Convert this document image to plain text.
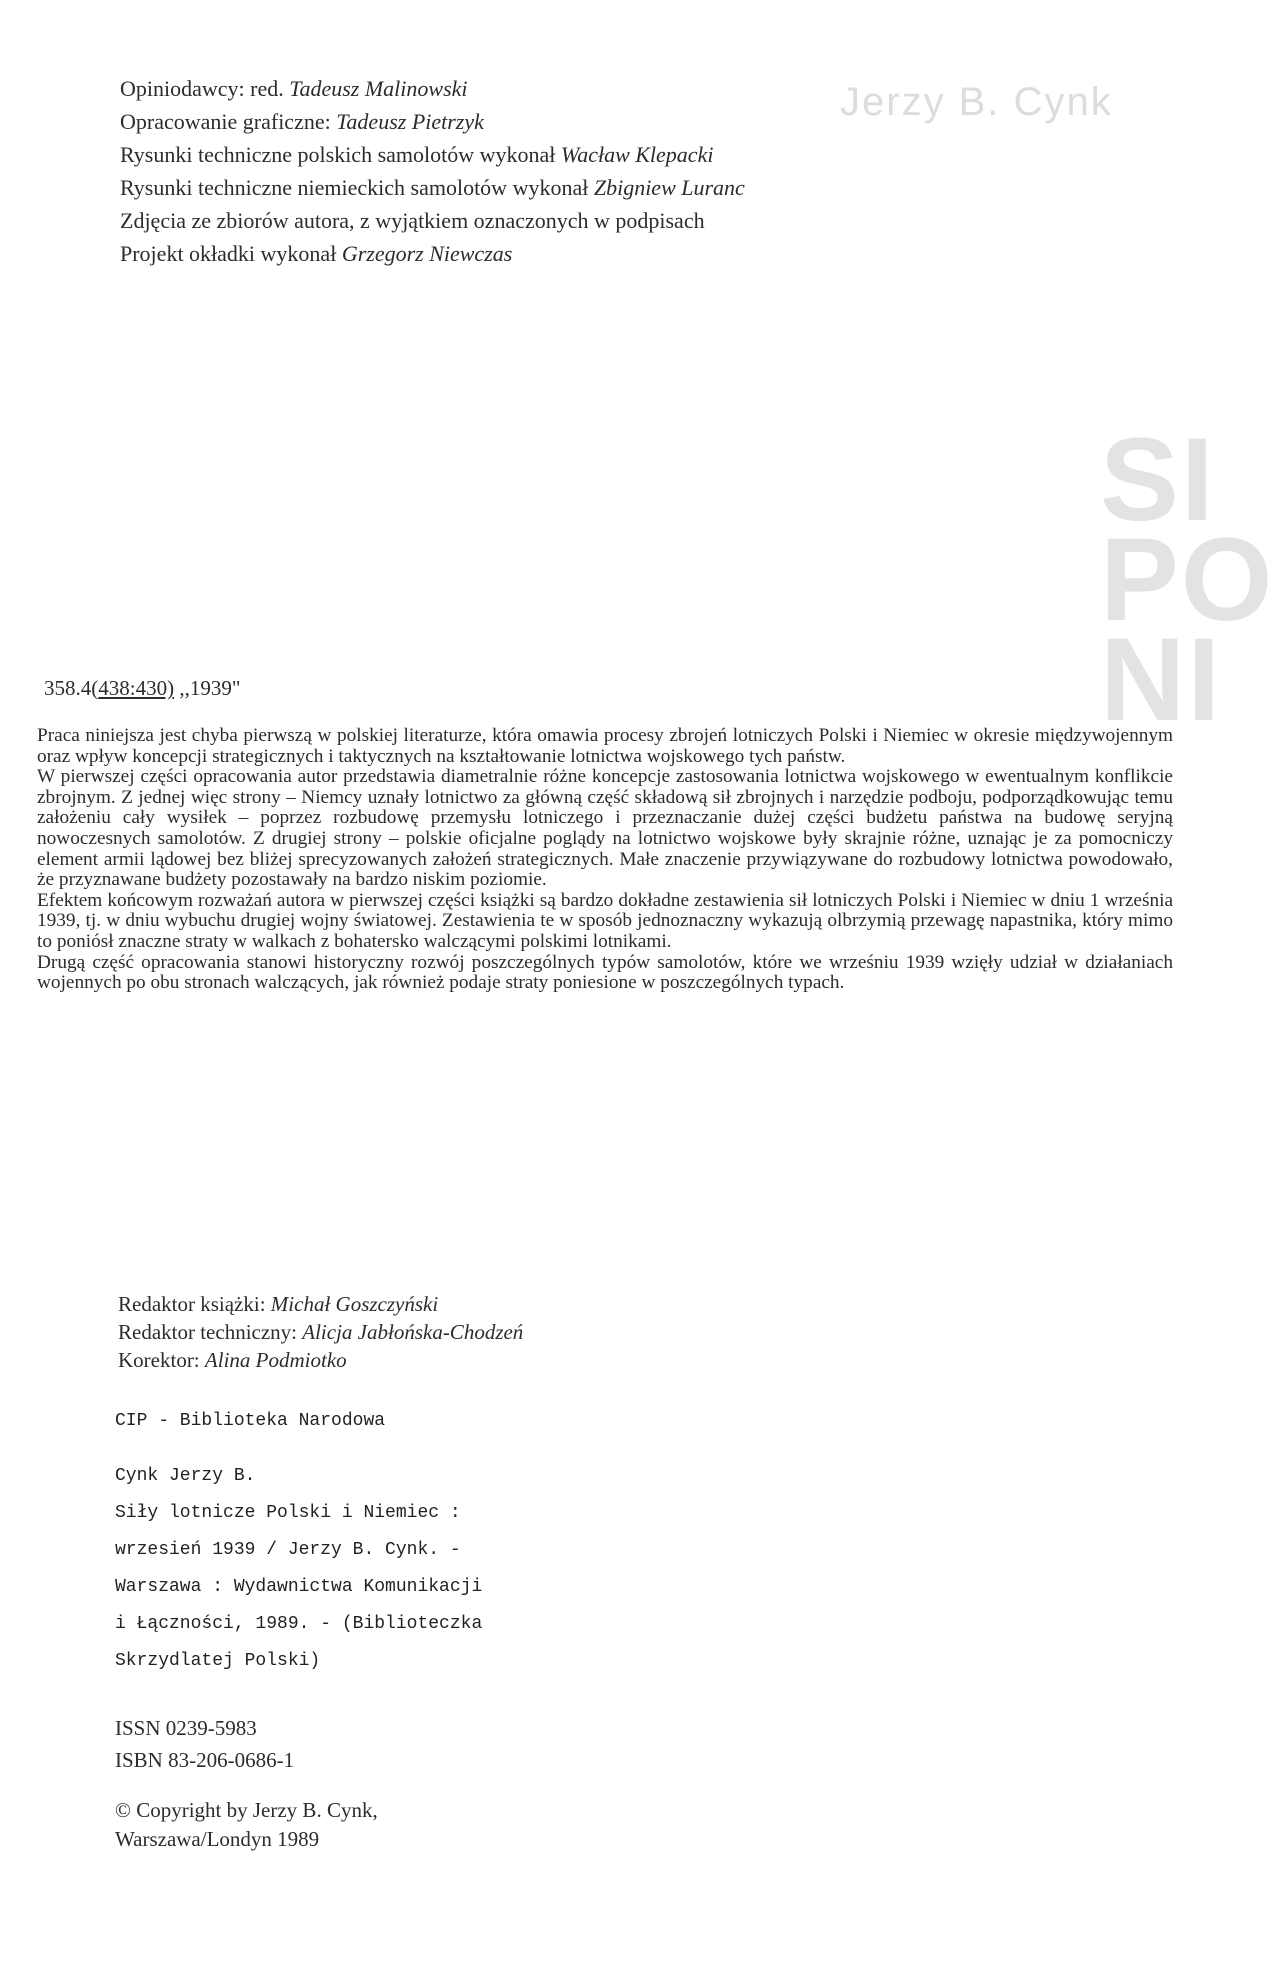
Jerzy B. Cynk
SI
PO
NI
Opiniodawcy: red. Tadeusz Malinowski
Opracowanie graficzne: Tadeusz Pietrzyk
Rysunki techniczne polskich samolotów wykonał Wacław Klepacki
Rysunki techniczne niemieckich samolotów wykonał Zbigniew Luranc
Zdjęcia ze zbiorów autora, z wyjątkiem oznaczonych w podpisach
Projekt okładki wykonał Grzegorz Niewczas
358.4(438:430) ,,1939"

Praca niniejsza jest chyba pierwszą w polskiej literaturze, która omawia procesy zbrojeń lotniczych Polski i Niemiec w okresie międzywojennym oraz wpływ koncepcji strategicznych i taktycznych na kształtowanie lotnictwa wojskowego tych państw.

W pierwszej części opracowania autor przedstawia diametralnie różne koncepcje zastosowania lotnictwa wojskowego w ewentualnym konflikcie zbrojnym. Z jednej więc strony – Niemcy uznały lotnictwo za główną część składową sił zbrojnych i narzędzie podboju, podporządkowując temu założeniu cały wysiłek – poprzez rozbudowę przemysłu lotniczego i przeznaczanie dużej części budżetu państwa na budowę seryjną nowoczesnych samolotów. Z drugiej strony – polskie oficjalne poglądy na lotnictwo wojskowe były skrajnie różne, uznając je za pomocniczy element armii lądowej bez bliżej sprecyzowanych założeń strategicznych. Małe znaczenie przywiązywane do rozbudowy lotnictwa powodowało, że przyznawane budżety pozostawały na bardzo niskim poziomie.

Efektem końcowym rozważań autora w pierwszej części książki są bardzo dokładne zestawienia sił lotniczych Polski i Niemiec w dniu 1 września 1939, tj. w dniu wybuchu drugiej wojny światowej. Zestawienia te w sposób jednoznaczny wykazują olbrzymią przewagę napastnika, który mimo to poniósł znaczne straty w walkach z bohatersko walczącymi polskimi lotnikami.

Drugą część opracowania stanowi historyczny rozwój poszczególnych typów samolotów, które we wrześniu 1939 wzięły udział w działaniach wojennych po obu stronach walczących, jak również podaje straty poniesione w poszczególnych typach.

Redaktor książki: Michał Goszczyński
Redaktor techniczny: Alicja Jabłońska-Chodzeń
Korektor: Alina Podmiotko
CIP - Biblioteka Narodowa
Cynk Jerzy B.
Siły lotnicze Polski i Niemiec :
wrzesień 1939 / Jerzy B. Cynk. -
Warszawa : Wydawnictwa Komunikacji
i Łączności, 1989. - (Biblioteczka
Skrzydlatej Polski)
ISSN 0239-5983
ISBN 83-206-0686-1
© Copyright by Jerzy B. Cynk,
Warszawa/Londyn 1989
